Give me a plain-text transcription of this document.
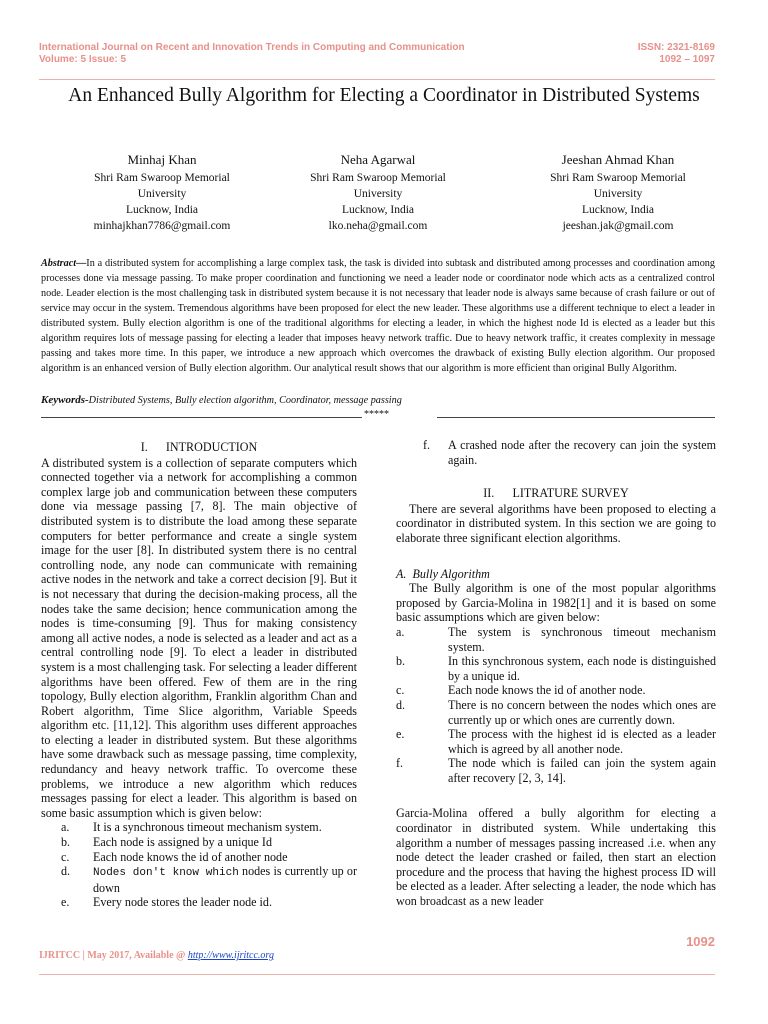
International Journal on Recent and Innovation Trends in Computing and Communication
Volume: 5 Issue: 5
ISSN: 2321-8169
1092 – 1097
An Enhanced Bully Algorithm for Electing a Coordinator in Distributed Systems
Minhaj Khan
Shri Ram Swaroop Memorial
University
Lucknow, India
minhajkhan7786@gmail.com
Neha Agarwal
Shri Ram Swaroop Memorial
University
Lucknow, India
lko.neha@gmail.com
Jeeshan Ahmad Khan
Shri Ram Swaroop Memorial
University
Lucknow, India
jeeshan.jak@gmail.com
Abstract—In a distributed system for accomplishing a large complex task, the task is divided into subtask and distributed among processes and coordination among processes done via message passing. To make proper coordination and functioning we need a leader node or coordinator node which acts as a centralized control node. Leader election is the most challenging task in distributed system because it is not necessary that leader node is always same because of crash failure or out of service may occur in the system. Tremendous algorithms have been proposed for elect the new leader. These algorithms use a different technique to elect a leader in distributed system. Bully election algorithm is one of the traditional algorithms for electing a leader, in which the highest node Id is elected as a leader but this algorithm requires lots of message passing for electing a leader that imposes heavy network traffic. Due to heavy network traffic, it creates complexity in message passing and takes more time. In this paper, we introduce a new approach which overcomes the drawback of existing Bully election algorithm. Our proposed algorithm is an enhanced version of Bully election algorithm. Our analytical result shows that our algorithm is more efficient than original Bully Algorithm.
Keywords-Distributed Systems, Bully election algorithm, Coordinator, message passing
*****
I. INTRODUCTION
A distributed system is a collection of separate computers which connected together via a network for accomplishing a common complex large job and communication between these computers done via message passing [7, 8]. The main objective of distributed system is to distribute the load among these separate computers for better performance and create a single system image for the user [8]. In distributed system there is no central controlling node, any node can communicate with remaining active nodes in the network and take a correct decision [9]. But it is not necessary that during the decision-making process, all the nodes take the same decision; hence communication among the nodes is time-consuming [9]. Thus for making consistency among all active nodes, a node is selected as a leader and act as a central controlling node [9]. To elect a leader in distributed system is a most challenging task. For selecting a leader different algorithms have been offered. Few of them are in the ring topology, Bully election algorithm, Franklin algorithm Chan and Robert algorithm, Time Slice algorithm, Variable Speeds algorithm etc. [11,12]. This algorithm uses different approaches to electing a leader in distributed system. But these algorithms have some drawback such as message passing, time complexity, redundancy and heavy network traffic. To overcome these problems, we introduce a new algorithm which reduces messages passing for elect a leader. This algorithm is based on some basic assumption which is given below:
a. It is a synchronous timeout mechanism system.
b. Each node is assigned by a unique Id
c. Each node knows the id of another node
d. Nodes don't know which nodes is currently up or down
e. Every node stores the leader node id.
f. A crashed node after the recovery can join the system again.
II. LITRATURE SURVEY
There are several algorithms have been proposed to electing a coordinator in distributed system. In this section we are going to elaborate three significant election algorithms.
A. Bully Algorithm
The Bully algorithm is one of the most popular algorithms proposed by Garcia-Molina in 1982[1] and it is based on some basic assumptions which are given below:
a.	The system is synchronous timeout mechanism system.
b.	In this synchronous system, each node is distinguished by a unique id.
c.	Each node knows the id of another node.
d.	There is no concern between the nodes which ones are currently up or which ones are currently down.
e.	The process with the highest id is elected as a leader which is agreed by all another node.
f.	The node which is failed can join the system again after recovery [2, 3, 14].
Garcia-Molina offered a bully algorithm for electing a coordinator in distributed system. While undertaking this algorithm a number of messages passing increased .i.e. when any node detect the leader crashed or failed, then start an election procedure and the process that having the highest process ID will be elected as a leader. After selecting a leader, the node which has won broadcast as a new leader
1092
IJRITCC | May 2017, Available @ http://www.ijritcc.org
